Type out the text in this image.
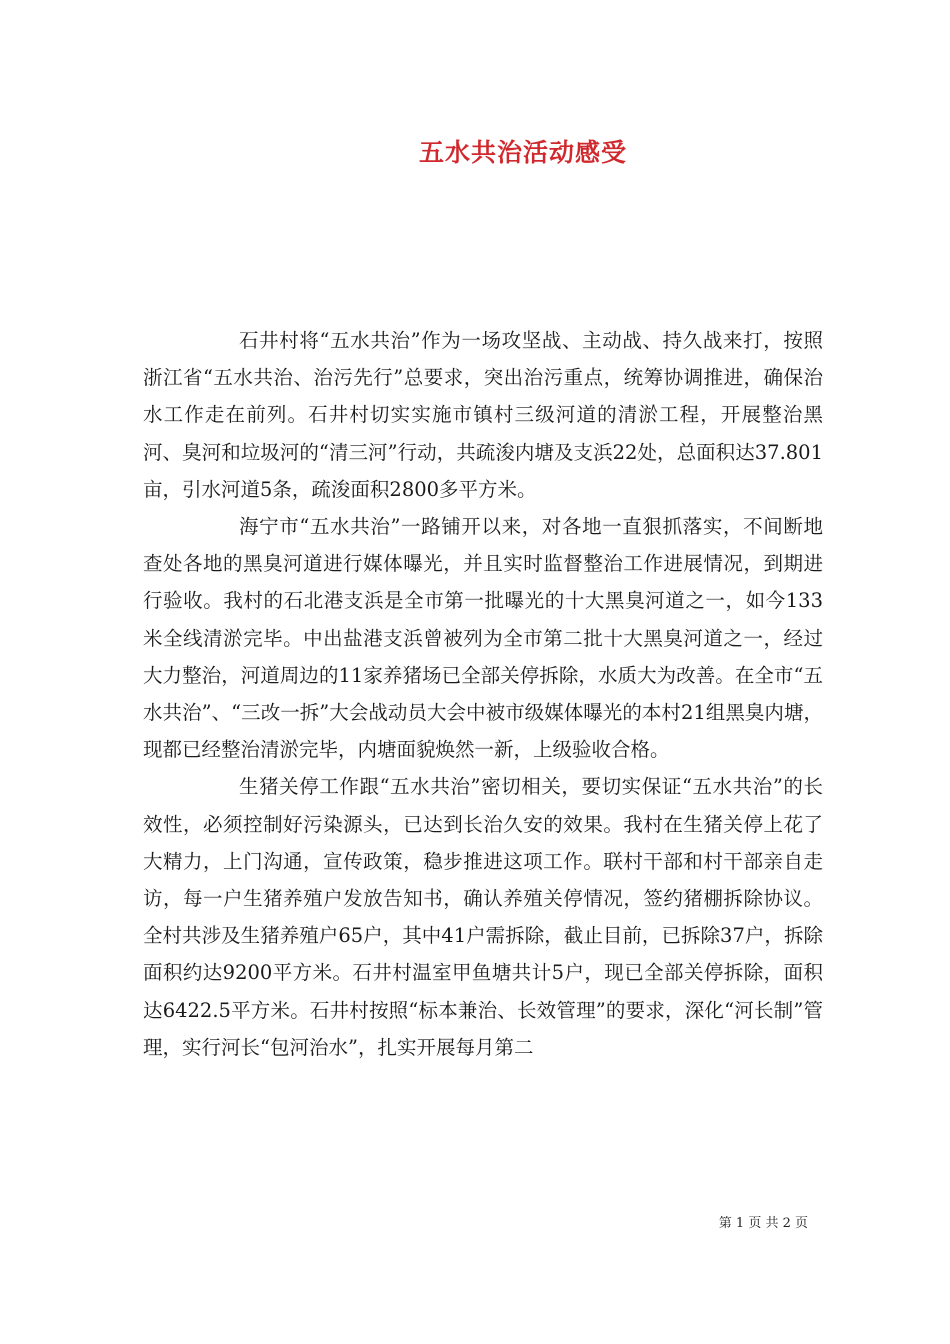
五水共治活动感受

石井村将“五水共治”作为一场攻坚战、主动战、持久战来打，按照浙江省“五水共治、治污先行”总要求，突出治污重点，统筹协调推进，确保治水工作走在前列。石井村切实实施市镇村三级河道的清淤工程，开展整治黑河、臭河和垃圾河的“清三河”行动，共疏浚内塘及支浜22处，总面积达37.801亩，引水河道5条，疏浚面积2800多平方米。

海宁市“五水共治”一路铺开以来，对各地一直狠抓落实，不间断地查处各地的黑臭河道进行媒体曝光，并且实时监督整治工作进展情况，到期进行验收。我村的石北港支浜是全市第一批曝光的十大黑臭河道之一，如今133米全线清淤完毕。中出盐港支浜曾被列为全市第二批十大黑臭河道之一，经过大力整治，河道周边的11家养猪场已全部关停拆除，水质大为改善。在全市“五水共治”、“三改一拆”大会战动员大会中被市级媒体曝光的本村21组黑臭内塘，现都已经整治清淤完毕，内塘面貌焕然一新，上级验收合格。

生猪关停工作跟“五水共治”密切相关，要切实保证“五水共治”的长效性，必须控制好污染源头，已达到长治久安的效果。我村在生猪关停上花了大精力，上门沟通，宣传政策，稳步推进这项工作。联村干部和村干部亲自走访，每一户生猪养殖户发放告知书，确认养殖关停情况，签约猪棚拆除协议。全村共涉及生猪养殖户65户，其中41户需拆除，截止目前，已拆除37户，拆除面积约达9200平方米。石井村温室甲鱼塘共计5户，现已全部关停拆除，面积达6422.5平方米。石井村按照“标本兼治、长效管理”的要求，深化“河长制”管理，实行河长“包河治水”，扎实开展每月第二

第 1 页 共 2 页
